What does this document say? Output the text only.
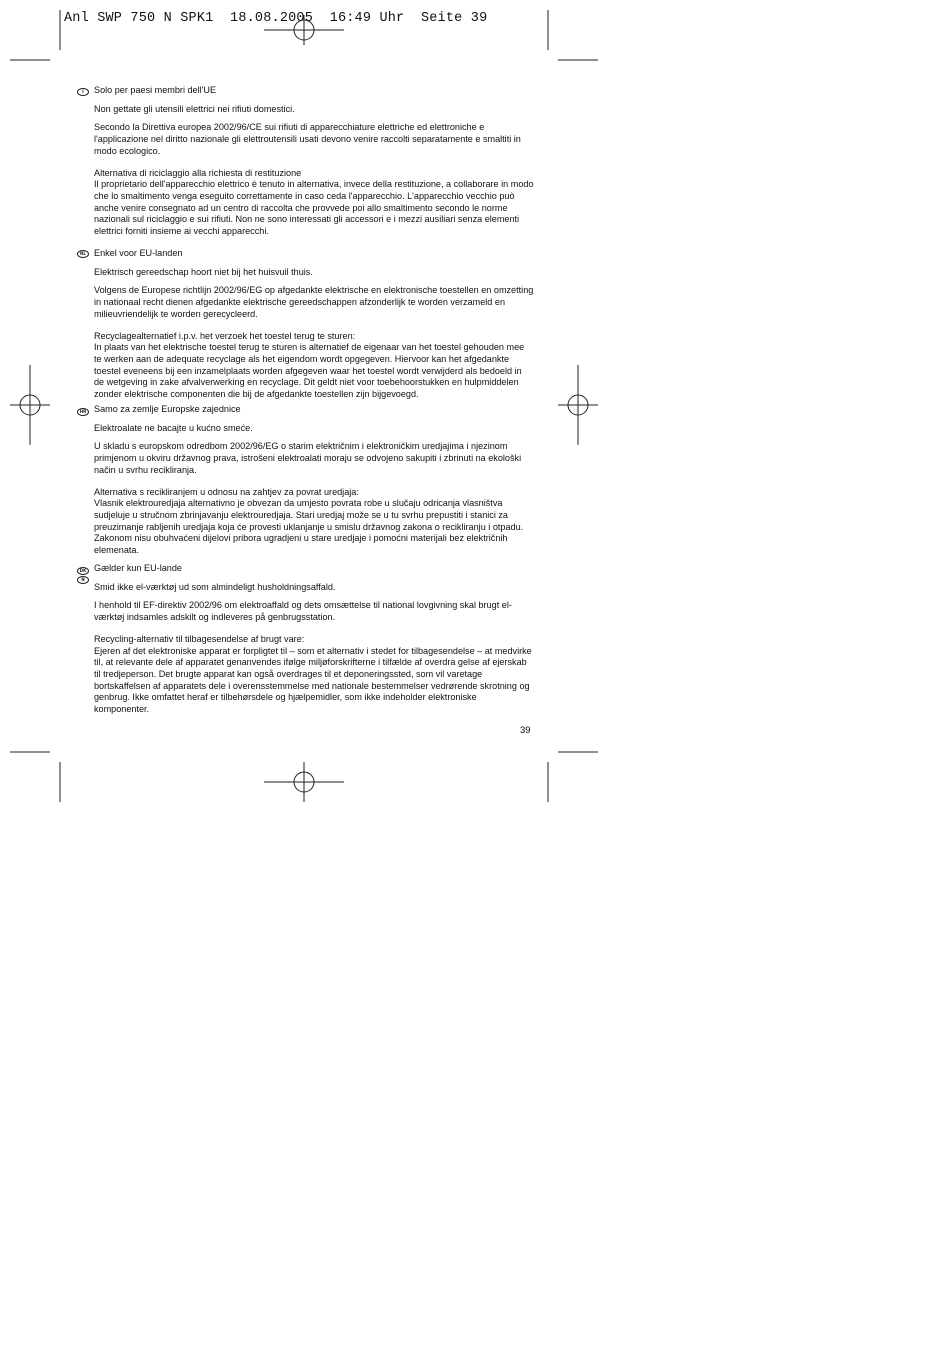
Anl SWP 750 N SPK1  18.08.2005  16:49 Uhr  Seite 39
I	Solo per paesi membri dell'UE

Non gettate gli utensili elettrici nei rifiuti domestici.

Secondo la Direttiva europea 2002/96/CE sui rifiuti di apparecchiature elettriche ed elettroniche e l'applicazione nel diritto nazionale gli elettroutensili usati devono venire raccolti separatamente e smaltiti in modo ecologico.

Alternativa di riciclaggio alla richiesta di restituzione

Il proprietario dell'apparecchio elettrico è tenuto in alternativa, invece della restituzione, a collaborare in modo che lo smaltimento venga eseguito correttamente in caso ceda l'apparecchio. L'apparecchio vecchio può anche venire consegnato ad un centro di raccolta che provvede poi allo smaltimento secondo le norme nazionali sul riciclaggio e sui rifiuti. Non ne sono interessati gli accessori e i mezzi ausiliari senza elementi elettrici forniti insieme ai vecchi apparecchi.

NL Enkel voor EU-landen

Elektrisch gereedschap hoort niet bij het huisvuil thuis.

Volgens de Europese richtlijn 2002/96/EG op afgedankte elektrische en elektronische toestellen en omzetting in nationaal recht dienen afgedankte elektrische gereedschappen afzonderlijk te worden verzameld en milieuvriendelijk te worden gerecycleerd.

Recyclagealternatief i.p.v. het verzoek het toestel terug te sturen:

In plaats van het elektrische toestel terug te sturen is alternatief de eigenaar van het toestel gehouden mee te werken aan de adequate recyclage als het eigendom wordt opgegeven. Hiervoor kan het afgedankte toestel eveneens bij een inzamelplaats worden afgegeven waar het toestel wordt verwijderd als bedoeld in de wetgeving in zake afvalverwerking en recyclage. Dit geldt niet voor toebehoorstukken en hulpmiddelen zonder elektrische componenten die bij de afgedankte toestellen zijn bijgevoegd.

HR Samo za zemlje Europske zajednice

Elektroalate ne bacajte u kućno smeće.

U skladu s europskom odredbom 2002/96/EG o starim električnim i elektroničkim uredjajima i njezinom primjenom u okviru državnog prava, istrošeni elektroalati moraju se odvojeno sakupiti i zbrinuti na ekološki način u svrhu recikliranja.

Alternativa s recikliranjem u odnosu na zahtjev za povrat uredjaja:

Vlasnik elektrouredjaja alternativno je obvezan da umjesto povrata robe u slučaju odricanja vlasništva sudjeluje u stručnom zbrinjavanju elektrouredjaja. Stari uredjaj može se u tu svrhu prepustiti i stanici za preuzimanje rabljenih uredjaja koja će provesti uklanjanje u smislu državnog zakona o recikliranju i otpadu. Zakonom nisu obuhvaćeni dijelovi pribora ugradjeni u stare uredjaje i pomoćni materijali bez električnih elemenata.

DK
N

Gælder kun EU-lande

Smid ikke el-værktøj ud som almindeligt husholdningsaffald.

I henhold til EF-direktiv 2002/96 om elektroaffald og dets omsættelse til national lovgivning skal brugt el-værktøj indsamles adskilt og indleveres på genbrugsstation.

Recycling-alternativ til tilbagesendelse af brugt vare:

Ejeren af det elektroniske apparat er forpligtet til – som et alternativ i stedet for tilbagesendelse – at medvirke til, at relevante dele af apparatet genanvendes ifølge miljøforskrifterne i tilfælde af overdra gelse af ejerskab til tredjeperson. Det brugte apparat kan også overdrages til et deponeringssted, som vil varetage bortskaffelsen af apparatets dele i overensstemmelse med nationale bestemmelser vedrørende skrotning og genbrug. Ikke omfattet heraf er tilbehørsdele og hjælpemidler, som ikke indeholder elektroniske komponenter.

39
